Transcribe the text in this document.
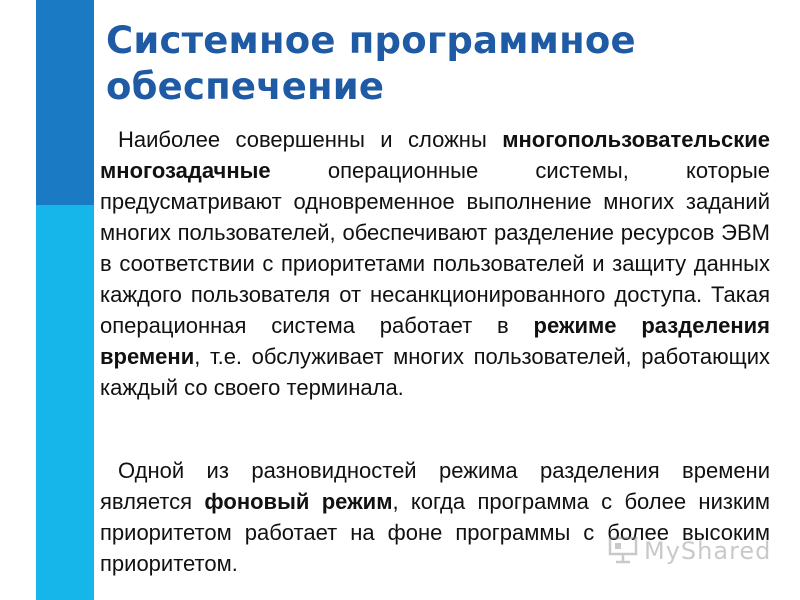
Системное программное обеспечение

Наиболее совершенны и сложны многопользовательские многозадачные операционные системы, которые предусматривают одновременное выполнение многих заданий многих пользователей, обеспечивают разделение ресурсов ЭВМ в соответствии с приоритетами пользователей и защиту данных каждого пользователя от несанкционированного доступа. Такая операционная система работает в режиме разделения времени, т.е. обслуживает многих пользователей, работающих каждый со своего терминала.

Одной из разновидностей режима разделения времени является фоновый режим, когда программа с более низким приоритетом работает на фоне программы с более высоким приоритетом.	MyShared
